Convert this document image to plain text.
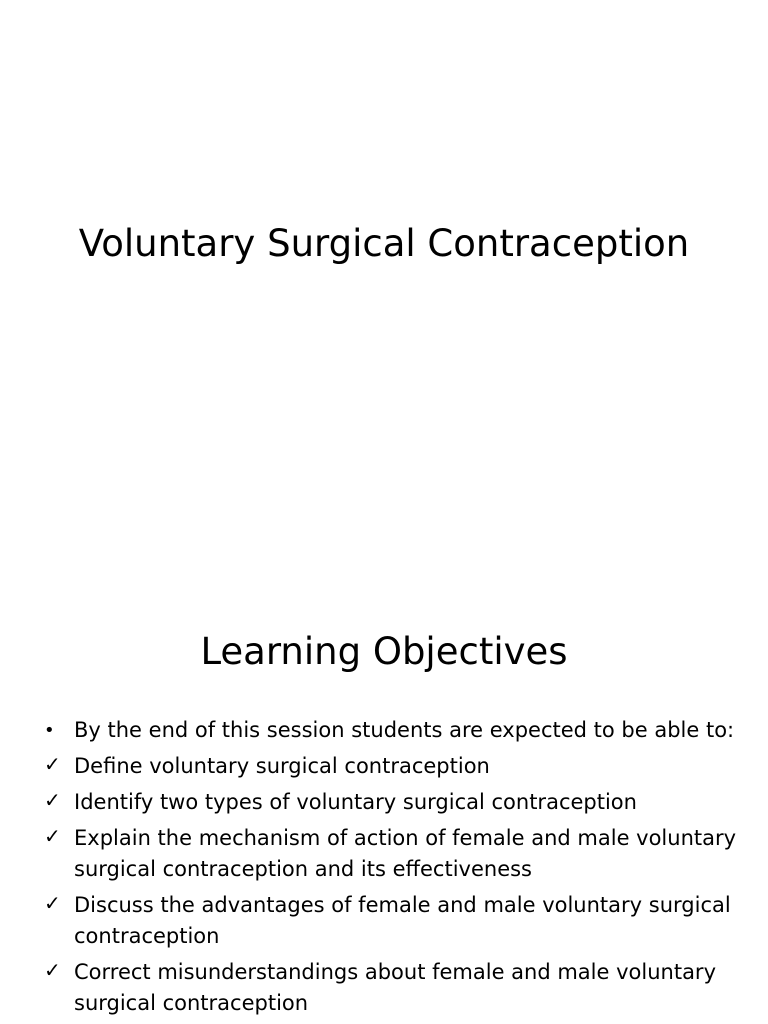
Voluntary Surgical Contraception
Learning Objectives
• By the end of this session students are expected to be able to:
✓ Define voluntary surgical contraception
✓ Identify two types of voluntary surgical contraception
✓ Explain the mechanism of action of female and male voluntary surgical contraception and its effectiveness
✓ Discuss the advantages of female and male voluntary surgical contraception
✓ Correct misunderstandings about female and male voluntary surgical contraception
